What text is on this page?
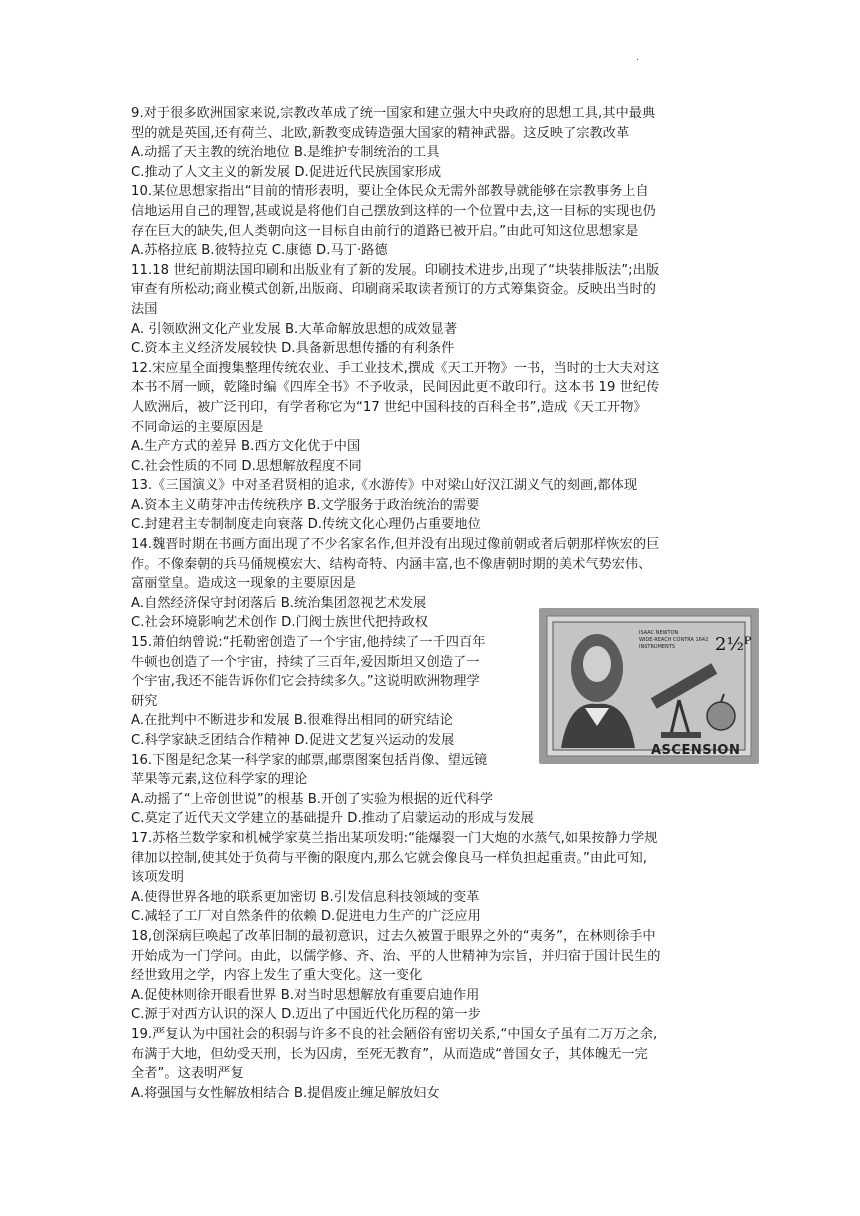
.
9.对于很多欧洲国家来说,宗教改革成了统一国家和建立强大中央政府的思想工具,其中最典
型的就是英国,还有荷兰、北欧,新教变成铸造强大国家的精神武器。这反映了宗教改革
A.动摇了天主教的统治地位 B.是维护专制统治的工具
C.推动了人文主义的新发展 D.促进近代民族国家形成
10.某位思想家指出“目前的情形表明，要让全体民众无需外部教导就能够在宗教事务上自
信地运用自己的理智,甚或说是将他们自己摆放到这样的一个位置中去,这一目标的实现也仍
存在巨大的缺失,但人类朝向这一目标自由前行的道路已被开启。”由此可知这位思想家是
A.苏格拉底 B.彼特拉克 C.康德 D.马丁·路德
11.18 世纪前期法国印刷和出版业有了新的发展。印刷技术进步,出现了“块装排版法”;出版
审查有所松动;商业模式创新,出版商、印刷商采取读者预订的方式筹集资金。反映出当时的
法国
A. 引领欧洲文化产业发展 B.大革命解放思想的成效显著
C.资本主义经济发展较快 D.具备新思想传播的有利条件
12.宋应星全面搜集整理传统农业、手工业技术,撰成《天工开物》一书，当时的士大夫对这
本书不屑一顾，乾隆时编《四库全书》不予收录，民间因此更不敢印行。这本书 19 世纪传
人欧洲后，被广泛刊印，有学者称它为“17 世纪中国科技的百科全书”,造成《天工开物》
不同命运的主要原因是
A.生产方式的差异 B.西方文化优于中国
C.社会性质的不同 D.思想解放程度不同
13.《三国演义》中对圣君贤相的追求,《水游传》中对梁山好汉江湖义气的刻画,都体现
A.资本主义萌芽冲击传统秩序 B.文学服务于政治统治的需要
C.封建君主专制制度走向衰落 D.传统文化心理仍占重要地位
14.魏晋时期在书画方面出现了不少名家名作,但并没有出现过像前朝或者后朝那样恢宏的巨
作。不像秦朝的兵马俑规模宏大、结构奇特、内涵丰富,也不像唐朝时期的美术气势宏伟、
富丽堂皇。造成这一现象的主要原因是
A.自然经济保守封闭落后 B.统治集团忽视艺术发展
C.社会环境影响艺术创作 D.门阀士族世代把持政权
15.萧伯纳曾说:“托勒密创造了一个宇宙,他持续了一千四百年
牛顿也创造了一个宇宙，持续了三百年,爱因斯坦又创造了一
个宇宙,我还不能告诉你们它会持续多久。”这说明欧洲物理学
研究
A.在批判中不断进步和发展 B.很难得出相同的研究结论
C.科学家缺乏团结合作精神 D.促进文艺复兴运动的发展
16.下图是纪念某一科学家的邮票,邮票图案包括肖像、望远镜
苹果等元素,这位科学家的理论
A.动摇了“上帝创世说”的根基 B.开创了实验为根据的近代科学
C.莫定了近代天文学建立的基础提升 D.推动了启蒙运动的形成与发展
17.苏格兰数学家和机械学家莫兰指出某项发明:“能爆裂一门大炮的水蒸气,如果按静力学规
律加以控制,使其处于负荷与平衡的限度内,那么它就会像良马一样负担起重责。”由此可知,
该项发明
A.使得世界各地的联系更加密切 B.引发信息科技领域的变革
C.减轻了工厂对自然条件的依赖 D.促进电力生产的广泛应用
18,创深病巨唤起了改革旧制的最初意识，过去久被置于眼界之外的“夷务”，在林则徐手中
开始成为一门学问。由此，以儒学修、齐、治、平的人世精神为宗旨，并归宿于国计民生的
经世致用之学，内容上发生了重大变化。这一变化
A.促使林则徐开眼看世界 B.对当时思想解放有重要启迪作用
C.源于对西方认识的深人 D.迈出了中国近代化历程的第一步
19.严复认为中国社会的积弱与许多不良的社会陋俗有密切关系,“中国女子虽有二万万之余,
布满于大地，但幼受天刑，长为囚虏，至死无教育”，从而造成“普国女子，其体魄无一完
全者”。这表明严复
A.将强国与女性解放相结合 B.提倡废止缠足解放妇女
ISAAC NEWTON
WIDE-REACH CONTRA 1642
INSTRUMENTS 2½ᴾ
ASCENSION
